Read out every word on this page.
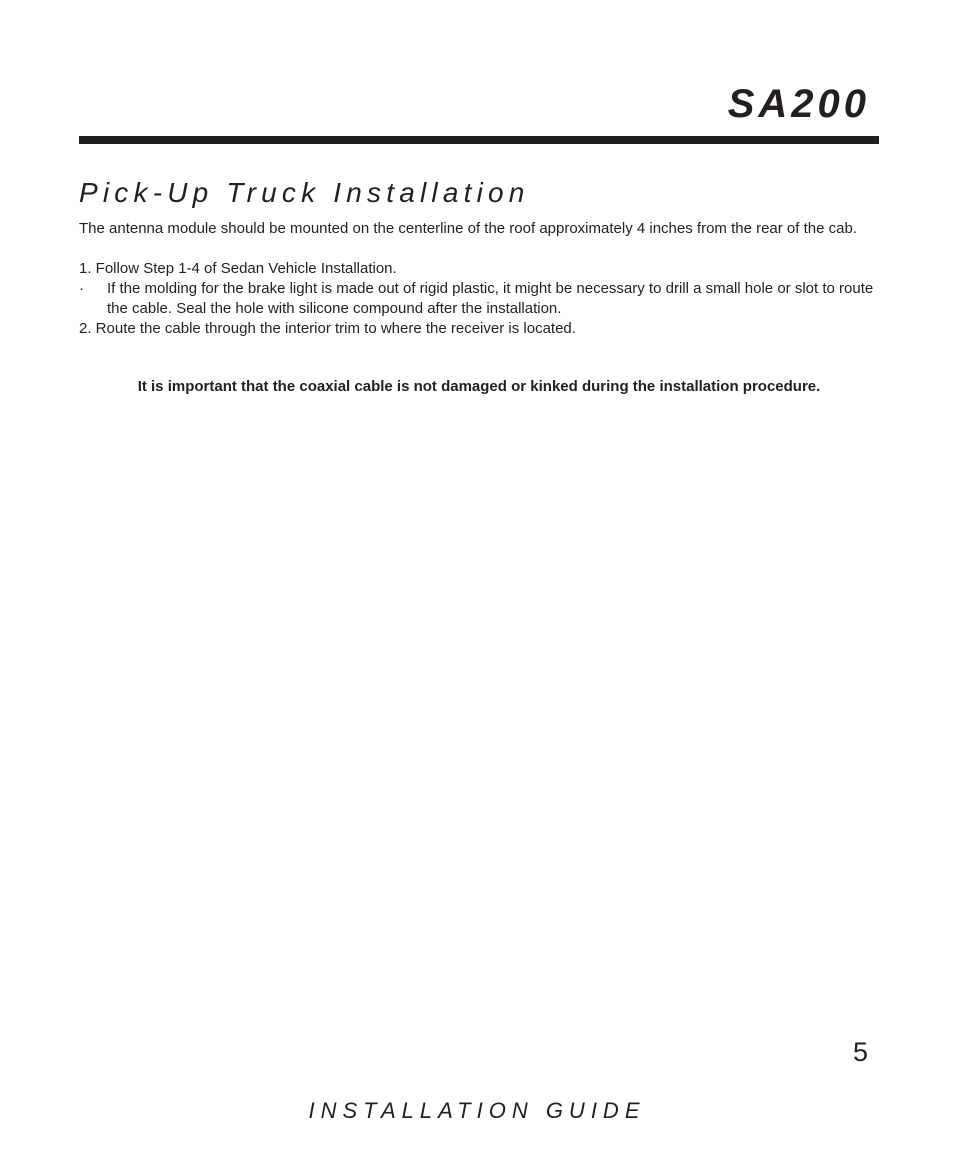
SA200
Pick-Up Truck Installation

The antenna module should be mounted on the centerline of the roof approximately 4 inches from the rear of the cab.

1. Follow Step 1-4 of Sedan Vehicle Installation.
· If the molding for the brake light is made out of rigid plastic, it might be necessary to drill a small hole or slot to route the cable. Seal the hole with silicone compound after the installation.
2. Route the cable through the interior trim to where the receiver is located.
It is important that the coaxial cable is not damaged or kinked during the installation procedure.
5
INSTALLATION GUIDE
